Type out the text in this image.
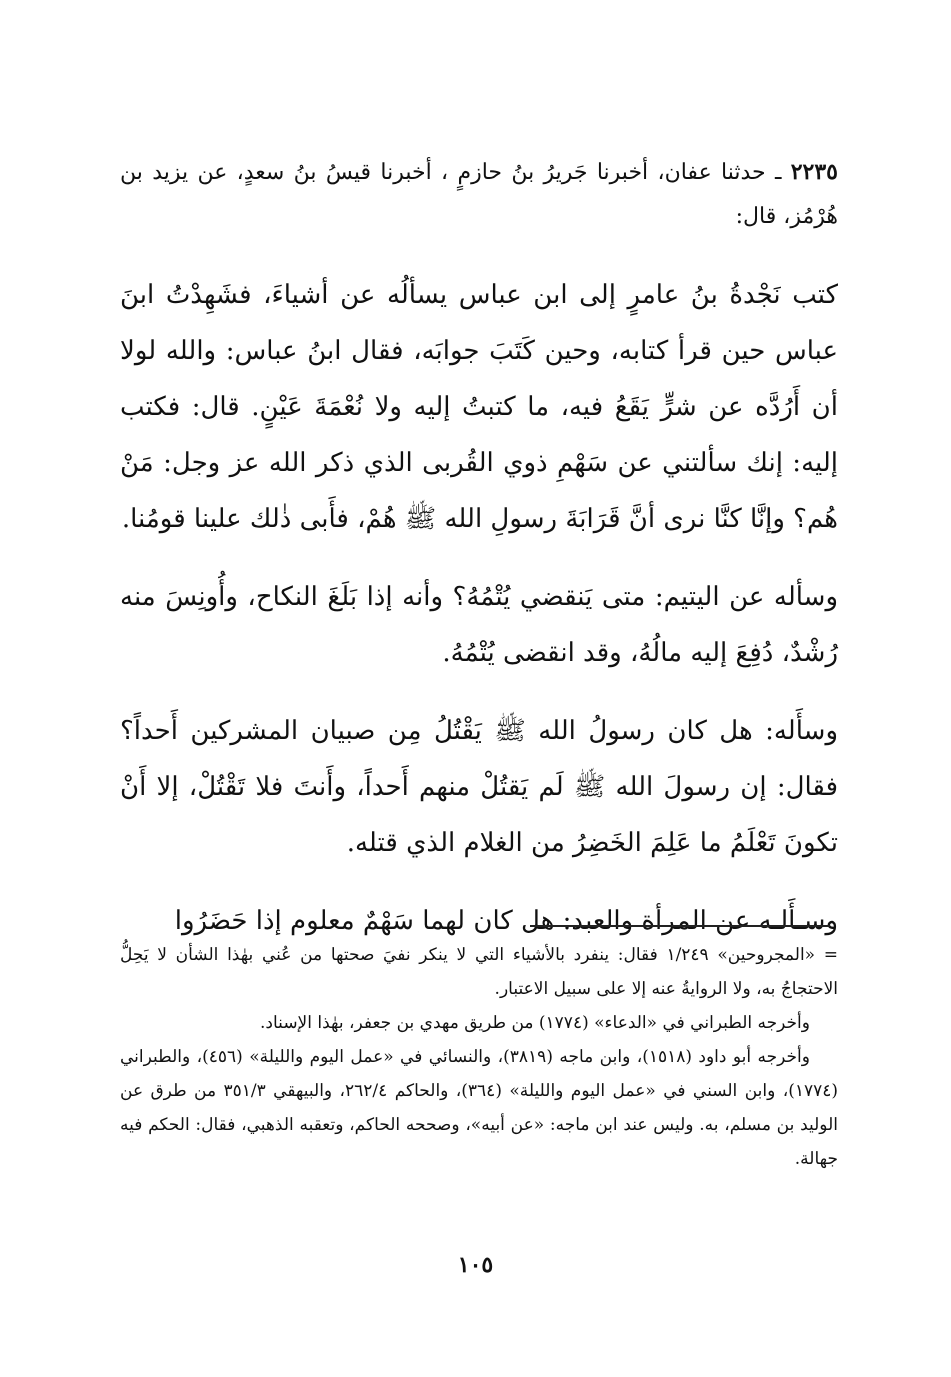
٢٢٣٥ ـ حدثنا عفان، أخبرنا جَريرُ بنُ حازمٍ ، أخبرنا قيسُ بنُ سعدٍ، عن يزيد بن هُرْمُز، قال:

كتب نَجْدةُ بنُ عامرٍ إلى ابن عباس يسألُه عن أشياءَ، فشَهِدْتُ ابنَ عباس حين قرأ كتابه، وحين كَتَبَ جوابَه، فقال ابنُ عباس: والله لولا أن أَرُدَّه عن شرٍّ يَقَعُ فيه، ما كتبتُ إليه ولا نُعْمَةَ عَيْنٍ. قال: فكتب إليه: إنك سألتني عن سَهْمِ ذوي القُربى الذي ذكر الله عز وجل: مَنْ هُم؟ وإنَّا كنَّا نرى أنَّ قَرَابَةَ رسولِ الله ﷺ هُمْ، فأَبى ذٰلك علينا قومُنا.

وسأله عن اليتيم: متى يَنقضي يُتْمُهُ؟ وأنه إذا بَلَغَ النكاح، وأُونِسَ منه رُشْدٌ، دُفِعَ إليه مالُهُ، وقد انقضى يُتْمُهُ.

وسأَله: هل كان رسولُ الله ﷺ يَقْتُلُ مِن صبيان المشركين أَحداً؟ فقال: إن رسولَ الله ﷺ لَم يَقتُلْ منهم أَحداً، وأَنتَ فلا تَقْتُلْ، إلا أَنْ تكونَ تَعْلَمُ ما عَلِمَ الخَضِرُ من الغلام الذي قتله.

وسـأَلـه عن المرأة والعبد: هل كان لهما سَهْمٌ معلوم إذا حَضَرُوا

= «المجروحين» ١/٢٤٩ فقال: ينفرد بالأشياء التي لا ينكر نفيَ صحتها من عُني بهٰذا الشأن لا يَحِلُّ الاحتجاجُ به، ولا الروايةُ عنه إلا على سبيل الاعتبار.

وأخرجه الطبراني في «الدعاء» (١٧٧٤) من طريق مهدي بن جعفر، بهٰذا الإسناد.

وأخرجه أبو داود (١٥١٨)، وابن ماجه (٣٨١٩)، والنسائي في «عمل اليوم والليلة» (٤٥٦)، والطبراني (١٧٧٤)، وابن السني في «عمل اليوم والليلة» (٣٦٤)، والحاكم ٢٦٢/٤، والبيهقي ٣٥١/٣ من طرق عن الوليد بن مسلم، به. وليس عند ابن ماجه: «عن أبيه»، وصححه الحاكم، وتعقبه الذهبي، فقال: الحكم فيه جهالة.

١٠٥
